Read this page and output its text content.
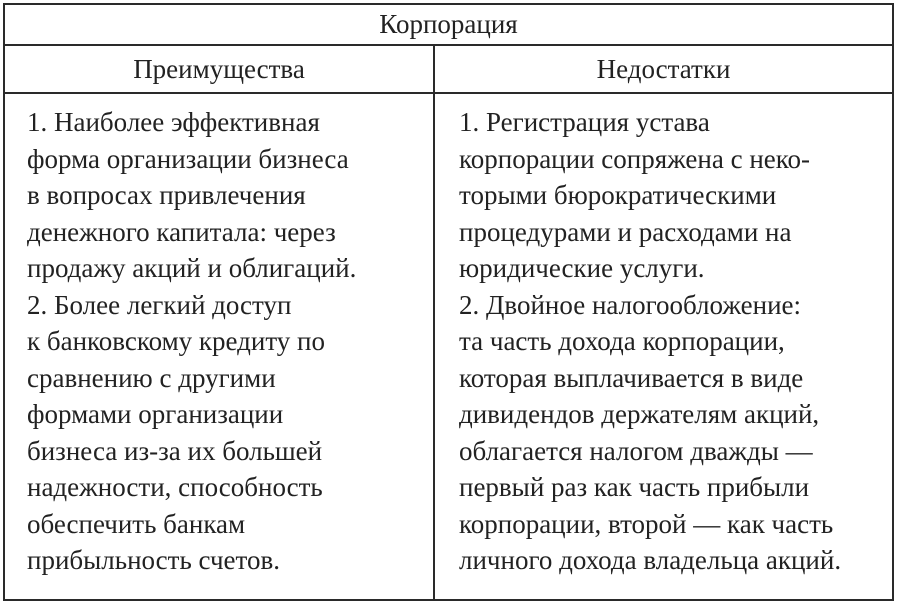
Корпорация
Преимущества	Недостатки
1. Наиболее эффективная
форма организации бизнеса
в вопросах привлечения
денежного капитала: через
продажу акций и облигаций.
2. Более легкий доступ
к банковскому кредиту по
сравнению с другими
формами организации
бизнеса из-за их большей
надежности, способность
обеспечить банкам
прибыльность счетов.
1. Регистрация устава
корпорации сопряжена с неко-
торыми бюрократическими
процедурами и расходами на
юридические услуги.
2. Двойное налогообложение:
та часть дохода корпорации,
которая выплачивается в виде
дивидендов держателям акций,
облагается налогом дважды —
первый раз как часть прибыли
корпорации, второй — как часть
личного дохода владельца акций.
